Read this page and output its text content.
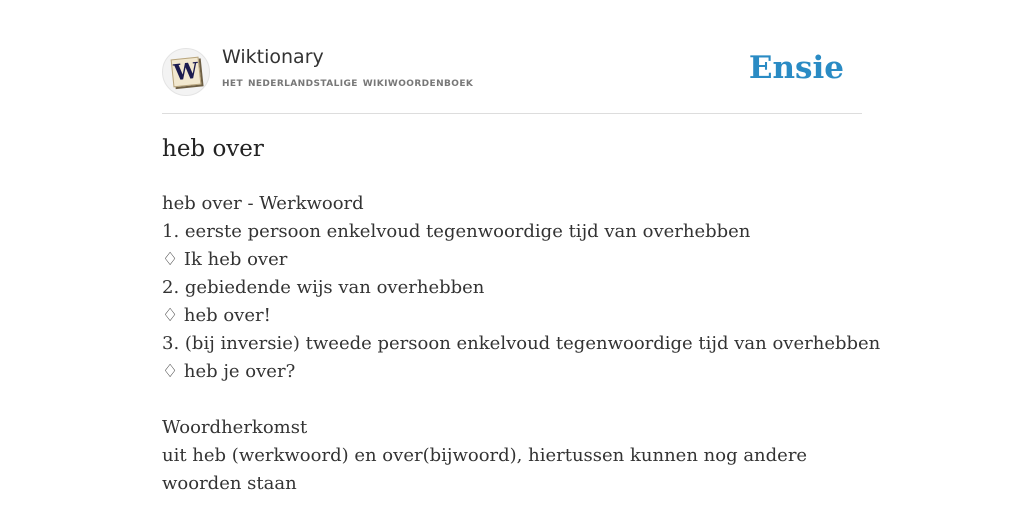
W
Wiktionary
het nederlandstalige wikiwoordenboek	Ensie
heb over
heb over - Werkwoord
1. eerste persoon enkelvoud tegenwoordige tijd van overhebben
♢ Ik heb over
2. gebiedende wijs van overhebben
♢ heb over!
3. (bij inversie) tweede persoon enkelvoud tegenwoordige tijd van overhebben
♢ heb je over?
Woordherkomst
uit heb (werkwoord) en over(bijwoord), hiertussen kunnen nog andere woorden staan
